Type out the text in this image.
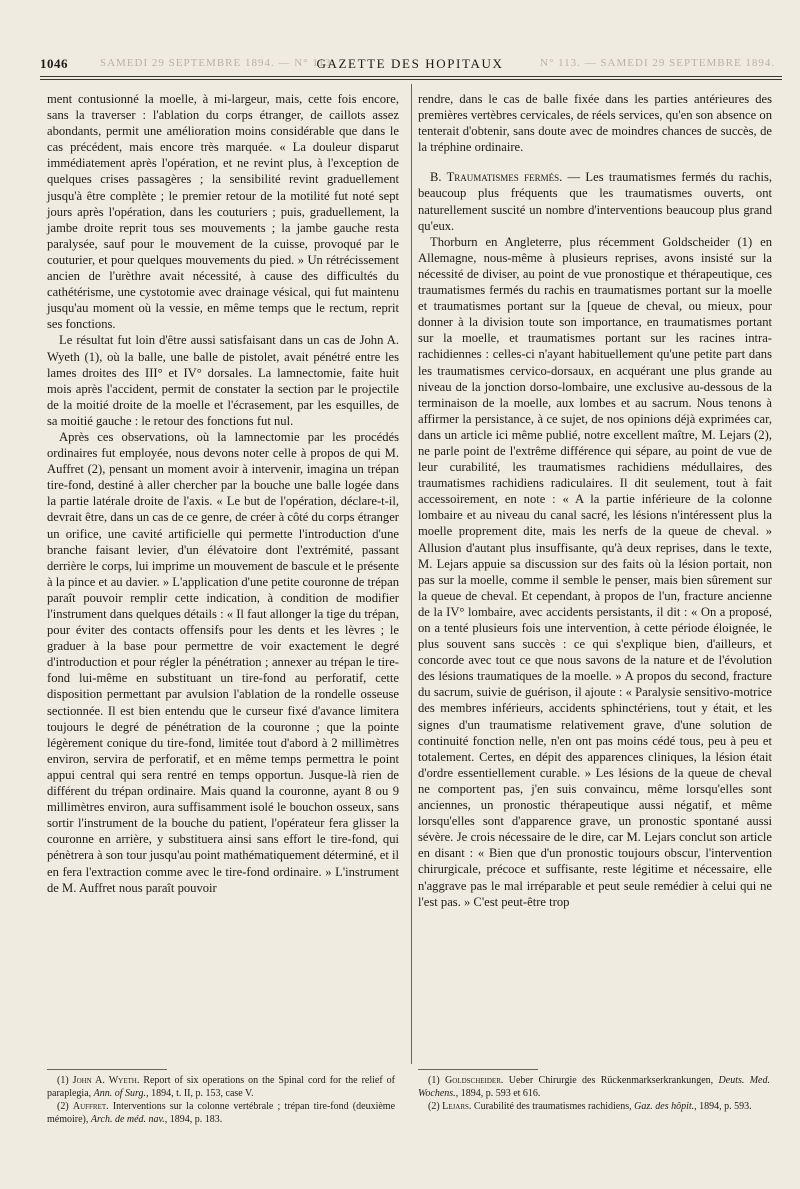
1046	SAMEDI 29 SEPTEMBRE 1894. — N° 113
GAZETTE DES HOPITAUX	N° 113. — SAMEDI 29 SEPTEMBRE 1894.

ment contusionné la moelle, à mi-largeur, mais, cette fois encore, sans la traverser : l'ablation du corps étranger, de caillots assez abondants, permit une amélioration moins considérable que dans le cas précédent, mais encore très marquée. « La douleur disparut immédiatement après l'opération, et ne revint plus, à l'exception de quelques crises passagères ; la sensibilité revint graduellement jusqu'à être complète ; le premier retour de la motilité fut noté sept jours après l'opération, dans les couturiers ; puis, graduellement, la jambe droite reprit tous ses mouvements ; la jambe gauche resta paralysée, sauf pour le mouvement de la cuisse, provoqué par le couturier, et pour quelques mouvements du pied. » Un rétrécissement ancien de l'urèthre avait nécessité, à cause des difficultés du cathétérisme, une cystotomie avec drainage vésical, qui fut maintenu jusqu'au moment où la vessie, en même temps que le rectum, reprit ses fonctions.

Le résultat fut loin d'être aussi satisfaisant dans un cas de John A. Wyeth (1), où la balle, une balle de pistolet, avait pénétré entre les lames droites des III° et IV° dorsales. La lamnectomie, faite huit mois après l'accident, permit de constater la section par le projectile de la moitié droite de la moelle et l'écrasement, par les esquilles, de sa moitié gauche : le retour des fonctions fut nul.

Après ces observations, où la lamnectomie par les procédés ordinaires fut employée, nous devons noter celle à propos de qui M. Auffret (2), pensant un moment avoir à intervenir, imagina un trépan tire-fond, destiné à aller chercher par la bouche une balle logée dans la partie latérale droite de l'axis. « Le but de l'opération, déclare-t-il, devrait être, dans un cas de ce genre, de créer à côté du corps étranger un orifice, une cavité artificielle qui permette l'introduction d'une branche faisant levier, d'un élévatoire dont l'extrémité, passant derrière le corps, lui imprime un mouvement de bascule et le présente à la pince et au davier. » L'application d'une petite couronne de trépan paraît pouvoir remplir cette indication, à condition de modifier l'instrument dans quelques détails : « Il faut allonger la tige du trépan, pour éviter des contacts offensifs pour les dents et les lèvres ; le graduer à la base pour permettre de voir exactement le degré d'introduction et pour régler la pénétration ; annexer au trépan le tire-fond lui-même en substituant un tire-fond au perforatif, cette disposition permettant par avulsion l'ablation de la rondelle osseuse sectionnée. Il est bien entendu que le curseur fixé d'avance limitera toujours le degré de pénétration de la couronne ; que la pointe légèrement conique du tire-fond, limitée tout d'abord à 2 millimètres environ, servira de perforatif, et en même temps permettra le point appui central qui sera rentré en temps opportun. Jusque-là rien de différent du trépan ordinaire. Mais quand la couronne, ayant 8 ou 9 millimètres environ, aura suffisamment isolé le bouchon osseux, sans sortir l'instrument de la bouche du patient, l'opérateur fera glisser la couronne en arrière, y substituera ainsi sans effort le tire-fond, qui pénètrera à son tour jusqu'au point mathématiquement déterminé, et il en fera l'extraction comme avec le tire-fond ordinaire. » L'instrument de M. Auffret nous paraît pouvoir

rendre, dans le cas de balle fixée dans les parties antérieures des premières vertèbres cervicales, de réels services, qu'en son absence on tenterait d'obtenir, sans doute avec de moindres chances de succès, de la tréphine ordinaire.

B. Traumatismes fermés. — Les traumatismes fermés du rachis, beaucoup plus fréquents que les traumatismes ouverts, ont naturellement suscité un nombre d'interventions beaucoup plus grand qu'eux.

Thorburn en Angleterre, plus récemment Goldscheider (1) en Allemagne, nous-même à plusieurs reprises, avons insisté sur la nécessité de diviser, au point de vue pronostique et thérapeutique, ces traumatismes fermés du rachis en traumatismes portant sur la moelle et traumatismes portant sur la [queue de cheval, ou mieux, pour donner à la division toute son importance, en traumatismes portant sur la moelle, et traumatismes portant sur les racines intra-rachidiennes : celles-ci n'ayant habituellement qu'une petite part dans les traumatismes cervico-dorsaux, en acquérant une plus grande au niveau de la jonction dorso-lombaire, une exclusive au-dessous de la terminaison de la moelle, aux lombes et au sacrum. Nous tenons à affirmer la persistance, à ce sujet, de nos opinions déjà exprimées car, dans un article ici même publié, notre excellent maître, M. Lejars (2), ne parle point de l'extrême différence qui sépare, au point de vue de leur curabilité, les traumatismes rachidiens médullaires, des traumatismes rachidiens radiculaires. Il dit seulement, tout à fait accessoirement, en note : « A la partie inférieure de la colonne lombaire et au niveau du canal sacré, les lésions n'intéressent plus la moelle proprement dite, mais les nerfs de la queue de cheval. » Allusion d'autant plus insuffisante, qu'à deux reprises, dans le texte, M. Lejars appuie sa discussion sur des faits où la lésion portait, non pas sur la moelle, comme il semble le penser, mais bien sûrement sur la queue de cheval. Et cependant, à propos de l'un, fracture ancienne de la IV° lombaire, avec accidents persistants, il dit : « On a proposé, on a tenté plusieurs fois une intervention, à cette période éloignée, le plus souvent sans succès : ce qui s'explique bien, d'ailleurs, et concorde avec tout ce que nous savons de la nature et de l'évolution des lésions traumatiques de la moelle. » A propos du second, fracture du sacrum, suivie de guérison, il ajoute : « Paralysie sensitivo-motrice des membres inférieurs, accidents sphinctériens, tout y était, et les signes d'un traumatisme relativement grave, d'une solution de continuité fonction nelle, n'en ont pas moins cédé tous, peu à peu et totalement. Certes, en dépit des apparences cliniques, la lésion était d'ordre essentiellement curable. » Les lésions de la queue de cheval ne comportent pas, j'en suis convaincu, même lorsqu'elles sont anciennes, un pronostic thérapeutique aussi négatif, et même lorsqu'elles sont d'apparence grave, un pronostic spontané aussi sévère. Je crois nécessaire de le dire, car M. Lejars conclut son article en disant : « Bien que d'un pronostic toujours obscur, l'intervention chirurgicale, précoce et suffisante, reste légitime et nécessaire, elle n'aggrave pas le mal irréparable et peut seule remédier à celui qui ne l'est pas. » C'est peut-être trop

(1) John A. Wyeth. Report of six operations on the Spinal cord for the relief of paraplegia, Ann. of Surg., 1894, t. II, p. 153, case V.

(2) Auffret. Interventions sur la colonne vertébrale ; trépan tire-fond (deuxième mémoire), Arch. de méd. nav., 1894, p. 183.

(1) Goldscheider. Ueber Chirurgie des Rückenmarkserkrankungen, Deuts. Med. Wochens., 1894, p. 593 et 616.

(2) Lejars. Curabilité des traumatismes rachidiens, Gaz. des hôpit., 1894, p. 593.
